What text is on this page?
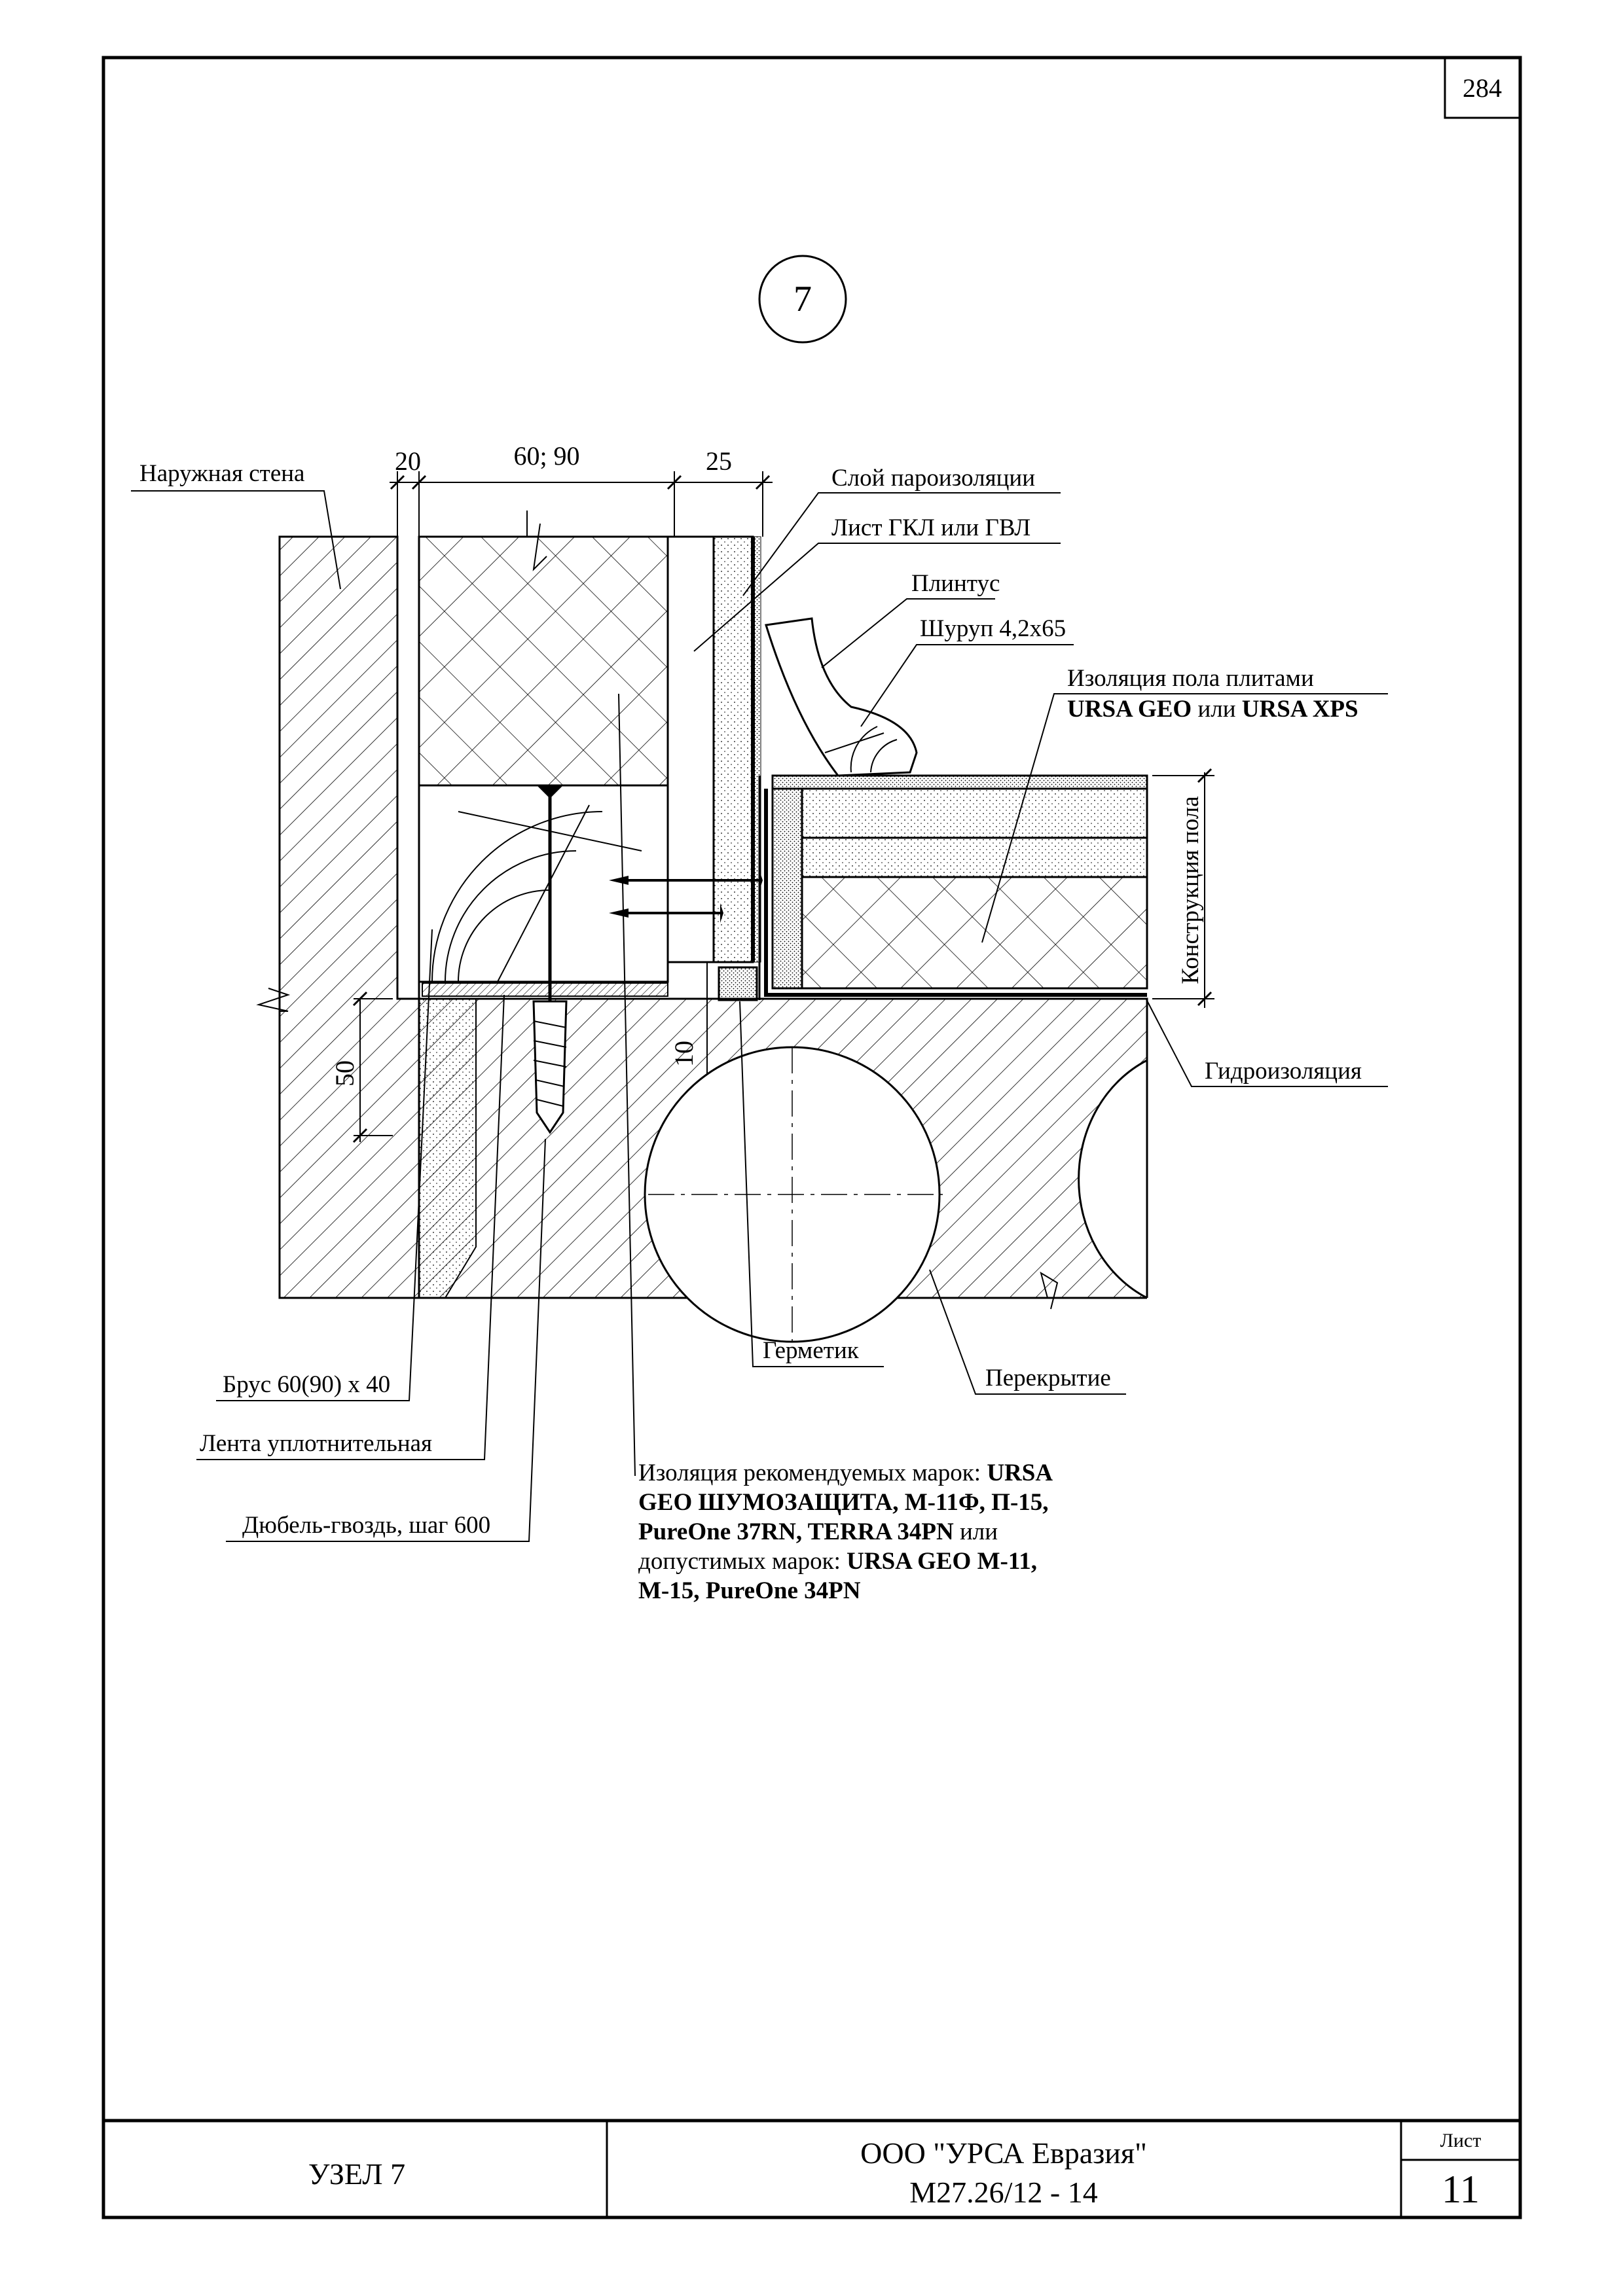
284
7
20	60; 90	25
50
10
Наружная стена	Слой пароизоляции
Лист ГКЛ или ГВЛ
Плинтус
Шуруп 4,2х65
Изоляция пола плитами
URSA GEO или URSA XPS
Конструкция пола
Гидроизоляция
Герметик
Перекрытие
Брус 60(90) х 40
Лента уплотнительная
Дюбель-гвоздь, шаг 600
Изоляция рекомендуемых марок: URSA
GEO ШУМОЗАЩИТА, М-11Ф, П-15,
PureOne 37RN, TERRA 34PN или
допустимых марок: URSA GEO М-11,
М-15, PureOne 34PN
УЗЕЛ 7
ООО "УРСА Евразия"
М27.26/12 - 14
Лист
11
